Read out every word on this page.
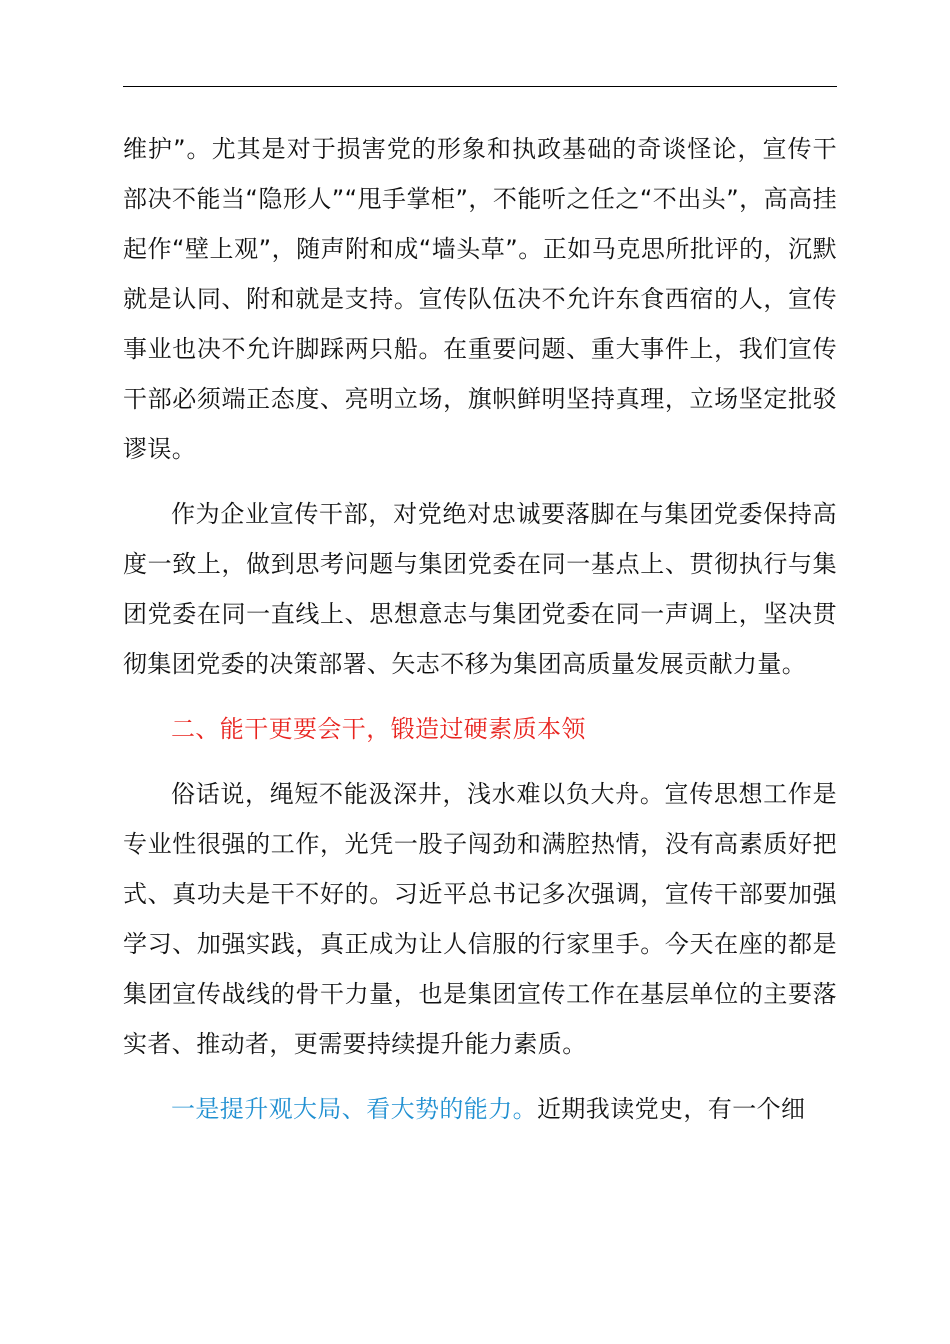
维护”。尤其是对于损害党的形象和执政基础的奇谈怪论，宣传干部决不能当“隐形人”“甩手掌柜”，不能听之任之“不出头”，高高挂起作“壁上观”，随声附和成“墙头草”。正如马克思所批评的，沉默就是认同、附和就是支持。宣传队伍决不允许东食西宿的人，宣传事业也决不允许脚踩两只船。在重要问题、重大事件上，我们宣传干部必须端正态度、亮明立场，旗帜鲜明坚持真理，立场坚定批驳谬误。

作为企业宣传干部，对党绝对忠诚要落脚在与集团党委保持高度一致上，做到思考问题与集团党委在同一基点上、贯彻执行与集团党委在同一直线上、思想意志与集团党委在同一声调上，坚决贯彻集团党委的决策部署、矢志不移为集团高质量发展贡献力量。

二、能干更要会干，锻造过硬素质本领

俗话说，绳短不能汲深井，浅水难以负大舟。宣传思想工作是专业性很强的工作，光凭一股子闯劲和满腔热情，没有高素质好把式、真功夫是干不好的。习近平总书记多次强调，宣传干部要加强学习、加强实践，真正成为让人信服的行家里手。今天在座的都是集团宣传战线的骨干力量，也是集团宣传工作在基层单位的主要落实者、推动者，更需要持续提升能力素质。

一是提升观大局、看大势的能力。近期我读党史，有一个细
